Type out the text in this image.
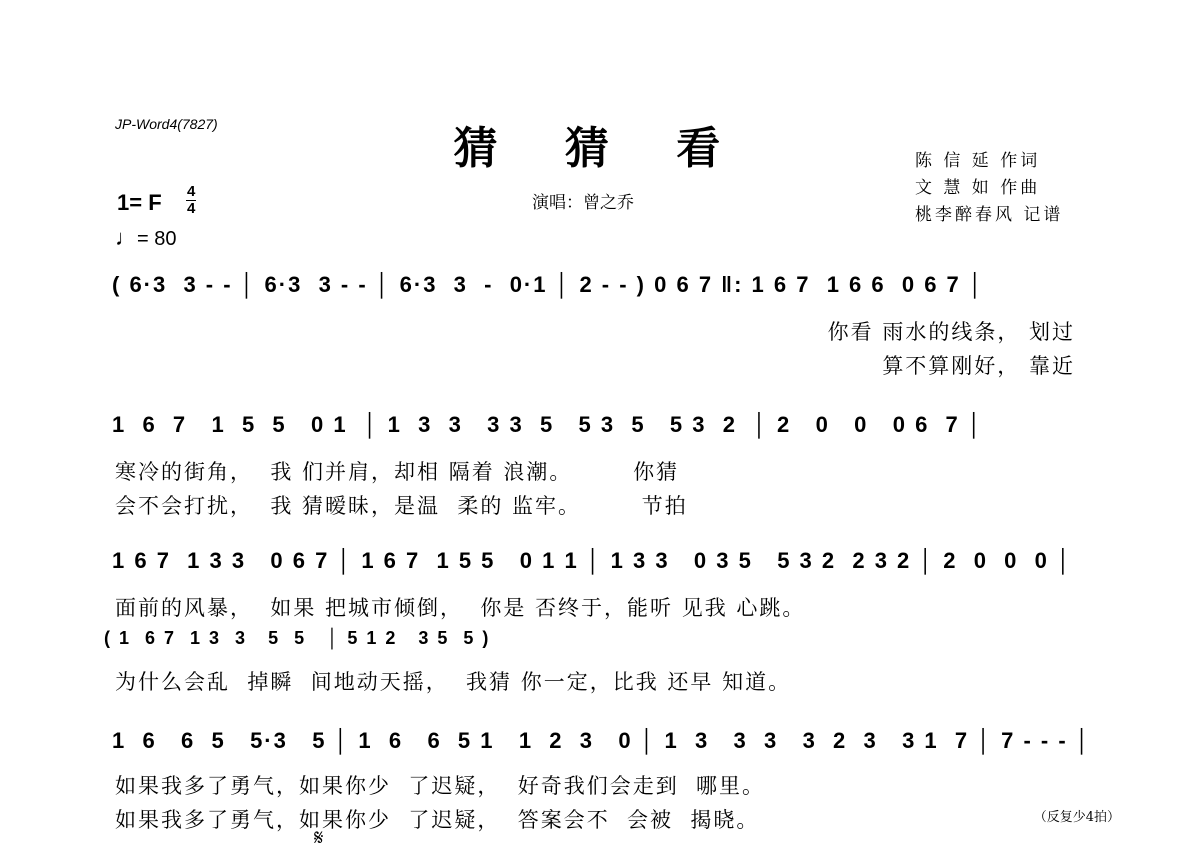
JP-Word4(7827)	猜 猜 看
演唱：曾之乔
陈 信 延 作词
文 慧 如 作曲
桃李醉春风 记谱
1= F 4
4
♩= 80
( 6·3  3 - - │ 6·3  3 - - │ 6·3  3  -  0·1 │ 2 - - ) 0 6 7 ‖: 1 6 7  1 6 6  0 6 7 │
你看 雨水的线条， 划过
算不算刚好， 靠近
1  6  7   1  5  5   0 1  │ 1  3  3   3 3  5   5 3  5   5 3  2  │ 2   0   0   0 6  7 │
寒冷的街角，  我 们并肩，却相 隔着 浪潮。       你猜
会不会打扰，  我 猜暧昧，是温  柔的 监牢。       节拍
1 6 7  1 3 3   0 6 7 │ 1 6 7  1 5 5   0 1 1 │ 1 3 3   0 3 5   5 3 2  2 3 2 │ 2  0  0  0 │
面前的风暴，  如果 把城市倾倒，  你是 否终于，能听 见我 心跳。
( 1  6 7  1 3  3   5  5   │ 5 1 2   3 5  5 )
为什么会乱  掉瞬  间地动天摇，  我猜 你一定，比我 还早 知道。
1  6   6  5   5·3   5 │ 1  6   6  5 1   1  2  3   0 │ 1  3   3  3   3  2  3   3 1  7 │ 7 - - - │
如果我多了勇气，如果你少  了迟疑，  好奇我们会走到  哪里。
如果我多了勇气，如果你少  了迟疑，  答案会不  会被  揭晓。	（反复少4拍）
𝄋
